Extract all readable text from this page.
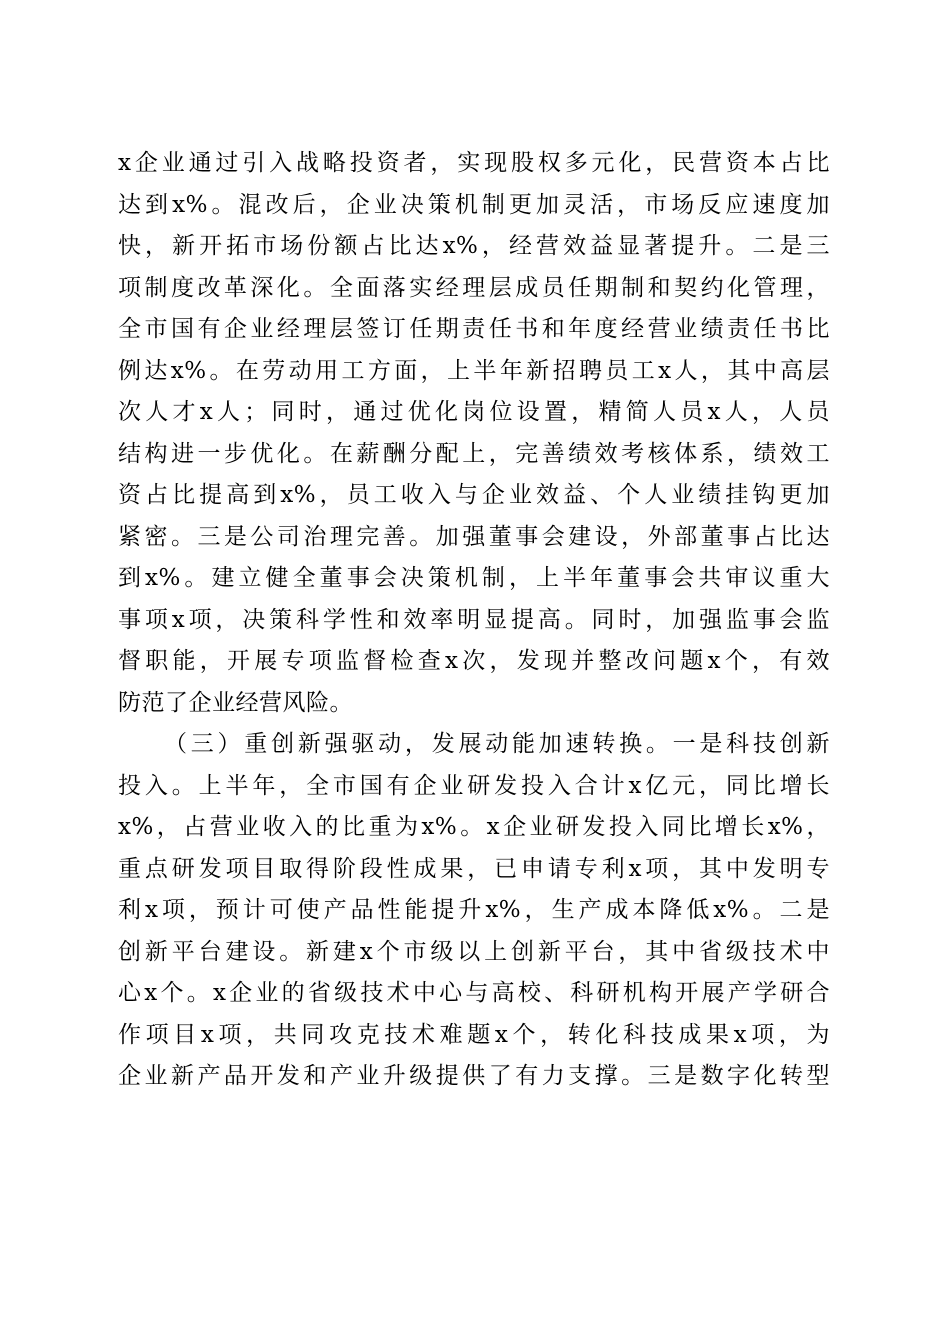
x企业通过引入战略投资者，实现股权多元化，民营资本占比
达到x%。混改后，企业决策机制更加灵活，市场反应速度加
快，新开拓市场份额占比达x%，经营效益显著提升。二是三
项制度改革深化。全面落实经理层成员任期制和契约化管理，
全市国有企业经理层签订任期责任书和年度经营业绩责任书比
例达x%。在劳动用工方面，上半年新招聘员工x人，其中高层
次人才x人；同时，通过优化岗位设置，精简人员x人，人员
结构进一步优化。在薪酬分配上，完善绩效考核体系，绩效工
资占比提高到x%，员工收入与企业效益、个人业绩挂钩更加
紧密。三是公司治理完善。加强董事会建设，外部董事占比达
到x%。建立健全董事会决策机制，上半年董事会共审议重大
事项x项，决策科学性和效率明显提高。同时，加强监事会监
督职能，开展专项监督检查x次，发现并整改问题x个，有效
防范了企业经营风险。
（三）重创新强驱动，发展动能加速转换。一是科技创新
投入。上半年，全市国有企业研发投入合计x亿元，同比增长
x%，占营业收入的比重为x%。x企业研发投入同比增长x%，
重点研发项目取得阶段性成果，已申请专利x项，其中发明专
利x项，预计可使产品性能提升x%，生产成本降低x%。二是
创新平台建设。新建x个市级以上创新平台，其中省级技术中
心x个。x企业的省级技术中心与高校、科研机构开展产学研合
作项目x项，共同攻克技术难题x个，转化科技成果x项，为
企业新产品开发和产业升级提供了有力支撑。三是数字化转型
